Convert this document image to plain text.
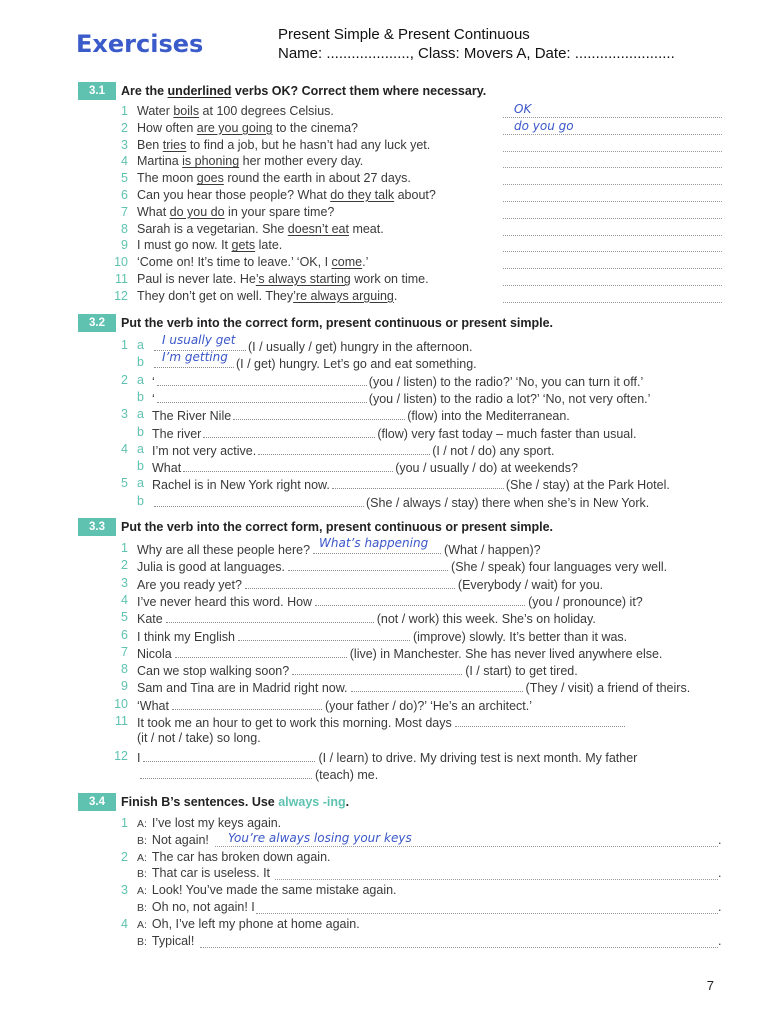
Exercises	Present Simple & Present Continuous
Name: ...................., Class: Movers A, Date: ........................
3.1	Are the underlined verbs OK? Correct them where necessary.
1 Water boils at 100 degrees Celsius.	OK
2 How often are you going to the cinema?	do you go
3 Ben tries to find a job, but he hasn’t had any luck yet.
4 Martina is phoning her mother every day.
5 The moon goes round the earth in about 27 days.
6 Can you hear those people? What do they talk about?
7 What do you do in your spare time?
8 Sarah is a vegetarian. She doesn’t eat meat.
9 I must go now. It gets late.
10 ‘Come on! It’s time to leave.’ ‘OK, I come.’
11 Paul is never late. He’s always starting work on time.
12 They don’t get on well. They’re always arguing.
3.2	Put the verb into the correct form, present continuous or present simple.
1 a I usually get (I / usually / get) hungry in the afternoon.
b I’m getting (I / get) hungry. Let’s go and eat something.
2 a ‘	(you / listen) to the radio?’ ‘No, you can turn it off.’
b ‘	(you / listen) to the radio a lot?’ ‘No, not very often.’
3 a The River Nile	(flow) into the Mediterranean.
b The river	(flow) very fast today – much faster than usual.
4 a I’m not very active.	(I / not / do) any sport.
b What	(you / usually / do) at weekends?
5 a Rachel is in New York right now.	(She / stay) at the Park Hotel.
b	(She / always / stay) there when she’s in New York.
3.3	Put the verb into the correct form, present continuous or present simple.
1 Why are all these people here? What’s happening (What / happen)?
2 Julia is good at languages.	(She / speak) four languages very well.
3 Are you ready yet?	(Everybody / wait) for you.
4 I’ve never heard this word. How	(you / pronounce) it?
5 Kate	(not / work) this week. She’s on holiday.
6 I think my English	(improve) slowly. It’s better than it was.
7 Nicola	(live) in Manchester. She has never lived anywhere else.
8 Can we stop walking soon?	(I / start) to get tired.
9 Sam and Tina are in Madrid right now.	(They / visit) a friend of theirs.
10 ‘What	(your father / do)?’ ‘He’s an architect.’
11 It took me an hour to get to work this morning. Most days
(it / not / take) so long.
12 I	(I / learn) to drive. My driving test is next month. My father
(teach) me.
3.4	Finish B’s sentences. Use always -ing.
1 A: I’ve lost my keys again.
B: Not again!	.
You’re always losing your keys
2 A: The car has broken down again.
B: That car is useless. It	.
3 A: Look! You’ve made the same mistake again.
B: Oh no, not again! I	.
4 A: Oh, I’ve left my phone at home again.
B: Typical!	.
7
